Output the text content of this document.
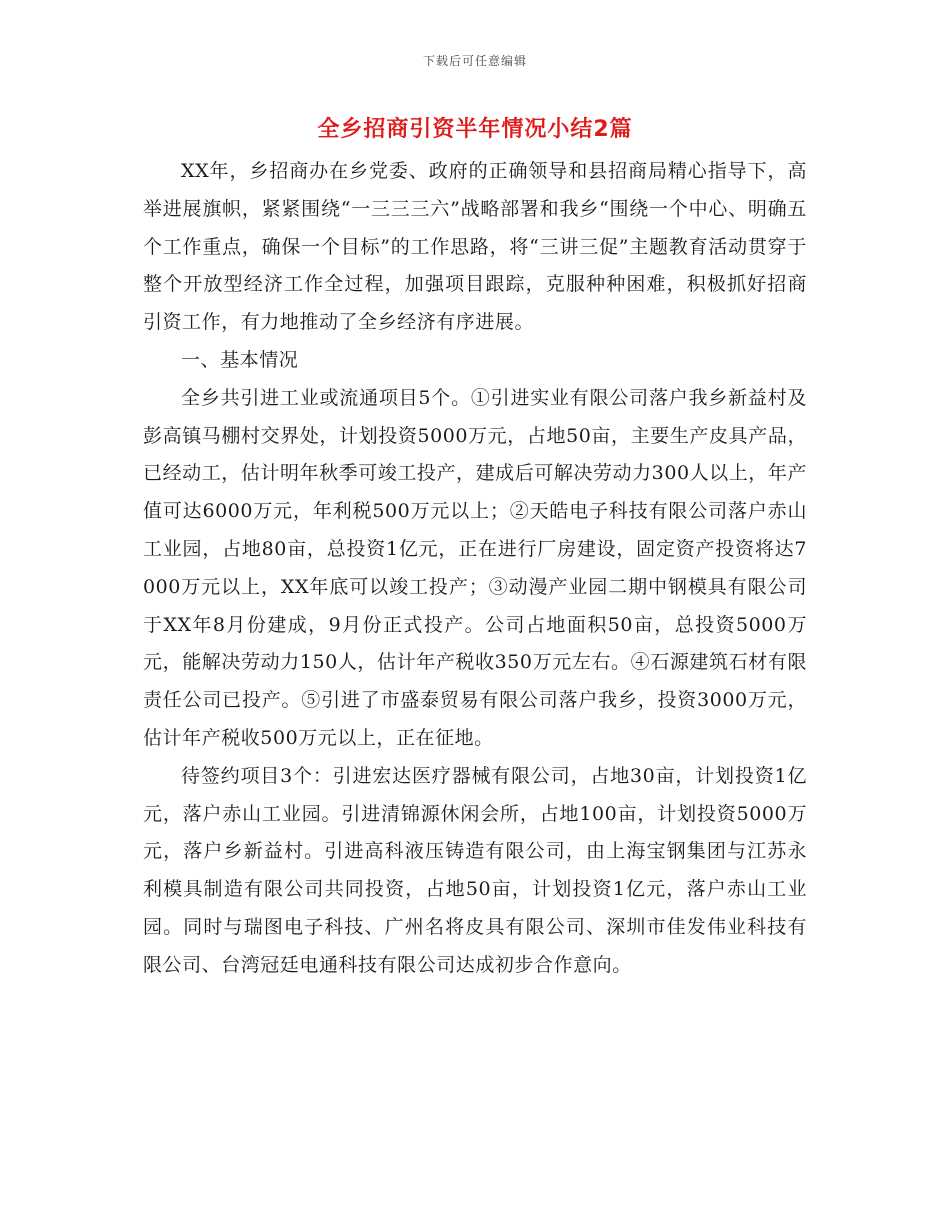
下载后可任意编辑
全乡招商引资半年情况小结2篇

XX年，乡招商办在乡党委、政府的正确领导和县招商局精心指导下，高举进展旗帜，紧紧围绕“一三三三六”战略部署和我乡“围绕一个中心、明确五个工作重点，确保一个目标”的工作思路，将“三讲三促”主题教育活动贯穿于整个开放型经济工作全过程，加强项目跟踪，克服种种困难，积极抓好招商引资工作，有力地推动了全乡经济有序进展。

一、基本情况

全乡共引进工业或流通项目5个。①引进实业有限公司落户我乡新益村及彭高镇马棚村交界处，计划投资5000万元，占地50亩，主要生产皮具产品，已经动工，估计明年秋季可竣工投产，建成后可解决劳动力300人以上，年产值可达6000万元，年利税500万元以上；②天皓电子科技有限公司落户赤山工业园，占地80亩，总投资1亿元，正在进行厂房建设，固定资产投资将达7000万元以上，XX年底可以竣工投产；③动漫产业园二期中钢模具有限公司于XX年8月份建成，9月份正式投产。公司占地面积50亩，总投资5000万元，能解决劳动力150人，估计年产税收350万元左右。④石源建筑石材有限责任公司已投产。⑤引进了市盛泰贸易有限公司落户我乡，投资3000万元，估计年产税收500万元以上，正在征地。

待签约项目3个：引进宏达医疗器械有限公司，占地30亩，计划投资1亿元，落户赤山工业园。引进清锦源休闲会所，占地100亩，计划投资5000万元，落户乡新益村。引进高科液压铸造有限公司，由上海宝钢集团与江苏永利模具制造有限公司共同投资，占地50亩，计划投资1亿元，落户赤山工业园。同时与瑞图电子科技、广州名将皮具有限公司、深圳市佳发伟业科技有限公司、台湾冠廷电通科技有限公司达成初步合作意向。
